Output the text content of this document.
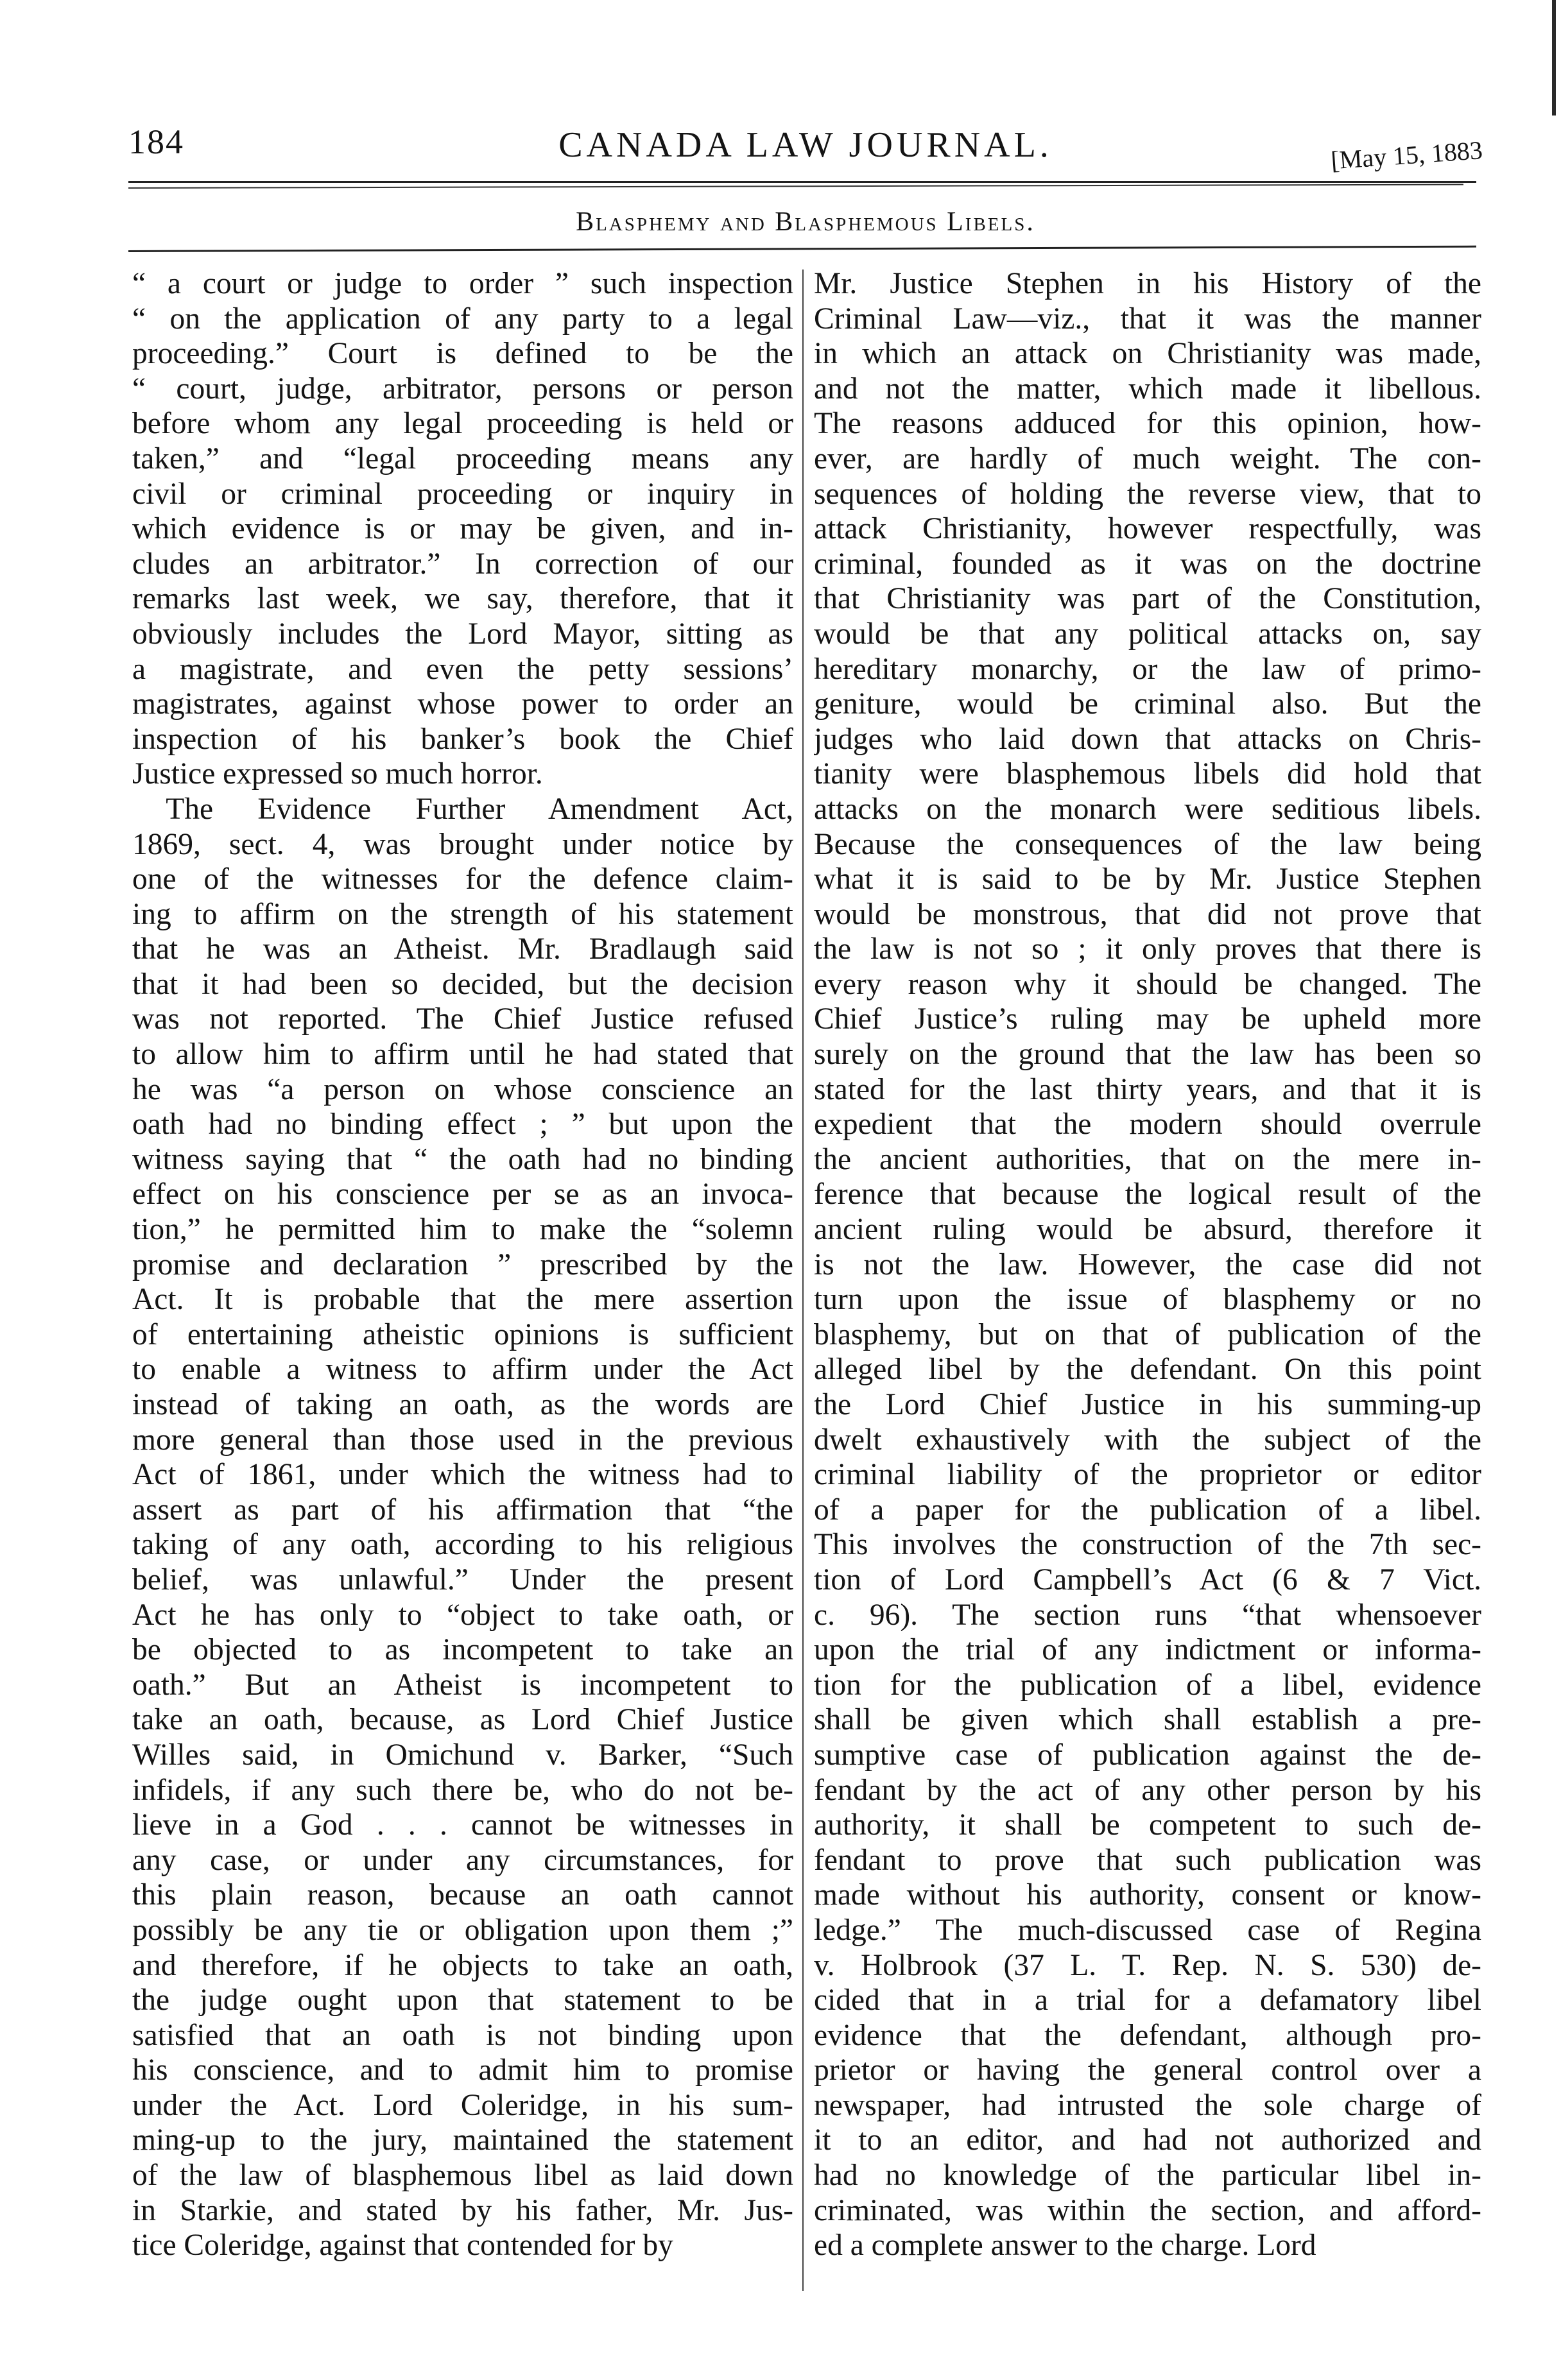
184	CANADA LAW JOURNAL.	[May 15, 1883
Blasphemy and Blasphemous Libels.
“ a court or judge to order ” such inspection
“ on the application of any party to a legal
proceeding.” Court is defined to be the
“ court, judge, arbitrator, persons or person
before whom any legal proceeding is held or
taken,” and “legal proceeding means any
civil or criminal proceeding or inquiry in
which evidence is or may be given, and in-
cludes an arbitrator.” In correction of our
remarks last week, we say, therefore, that it
obviously includes the Lord Mayor, sitting as
a magistrate, and even the petty sessions’
magistrates, against whose power to order an
inspection of his banker’s book the Chief
Justice expressed so much horror.
The Evidence Further Amendment Act,
1869, sect. 4, was brought under notice by
one of the witnesses for the defence claim-
ing to affirm on the strength of his statement
that he was an Atheist. Mr. Bradlaugh said
that it had been so decided, but the decision
was not reported. The Chief Justice refused
to allow him to affirm until he had stated that
he was “a person on whose conscience an
oath had no binding effect ; ” but upon the
witness saying that “ the oath had no binding
effect on his conscience per se as an invoca-
tion,” he permitted him to make the “solemn
promise and declaration ” prescribed by the
Act. It is probable that the mere assertion
of entertaining atheistic opinions is sufficient
to enable a witness to affirm under the Act
instead of taking an oath, as the words are
more general than those used in the previous
Act of 1861, under which the witness had to
assert as part of his affirmation that “the
taking of any oath, according to his religious
belief, was unlawful.” Under the present
Act he has only to “object to take oath, or
be objected to as incompetent to take an
oath.” But an Atheist is incompetent to
take an oath, because, as Lord Chief Justice
Willes said, in Omichund v. Barker, “Such
infidels, if any such there be, who do not be-
lieve in a God . . . cannot be witnesses in
any case, or under any circumstances, for
this plain reason, because an oath cannot
possibly be any tie or obligation upon them ;”
and therefore, if he objects to take an oath,
the judge ought upon that statement to be
satisfied that an oath is not binding upon
his conscience, and to admit him to promise
under the Act. Lord Coleridge, in his sum-
ming-up to the jury, maintained the statement
of the law of blasphemous libel as laid down
in Starkie, and stated by his father, Mr. Jus-
tice Coleridge, against that contended for by
Mr. Justice Stephen in his History of the
Criminal Law—viz., that it was the manner
in which an attack on Christianity was made,
and not the matter, which made it libellous.
The reasons adduced for this opinion, how-
ever, are hardly of much weight. The con-
sequences of holding the reverse view, that to
attack Christianity, however respectfully, was
criminal, founded as it was on the doctrine
that Christianity was part of the Constitution,
would be that any political attacks on, say
hereditary monarchy, or the law of primo-
geniture, would be criminal also. But the
judges who laid down that attacks on Chris-
tianity were blasphemous libels did hold that
attacks on the monarch were seditious libels.
Because the consequences of the law being
what it is said to be by Mr. Justice Stephen
would be monstrous, that did not prove that
the law is not so ; it only proves that there is
every reason why it should be changed. The
Chief Justice’s ruling may be upheld more
surely on the ground that the law has been so
stated for the last thirty years, and that it is
expedient that the modern should overrule
the ancient authorities, that on the mere in-
ference that because the logical result of the
ancient ruling would be absurd, therefore it
is not the law. However, the case did not
turn upon the issue of blasphemy or no
blasphemy, but on that of publication of the
alleged libel by the defendant. On this point
the Lord Chief Justice in his summing-up
dwelt exhaustively with the subject of the
criminal liability of the proprietor or editor
of a paper for the publication of a libel.
This involves the construction of the 7th sec-
tion of Lord Campbell’s Act (6 & 7 Vict.
c. 96). The section runs “that whensoever
upon the trial of any indictment or informa-
tion for the publication of a libel, evidence
shall be given which shall establish a pre-
sumptive case of publication against the de-
fendant by the act of any other person by his
authority, it shall be competent to such de-
fendant to prove that such publication was
made without his authority, consent or know-
ledge.” The much-discussed case of Regina
v. Holbrook (37 L. T. Rep. N. S. 530) de-
cided that in a trial for a defamatory libel
evidence that the defendant, although pro-
prietor or having the general control over a
newspaper, had intrusted the sole charge of
it to an editor, and had not authorized and
had no knowledge of the particular libel in-
criminated, was within the section, and afford-
ed a complete answer to the charge. Lord
